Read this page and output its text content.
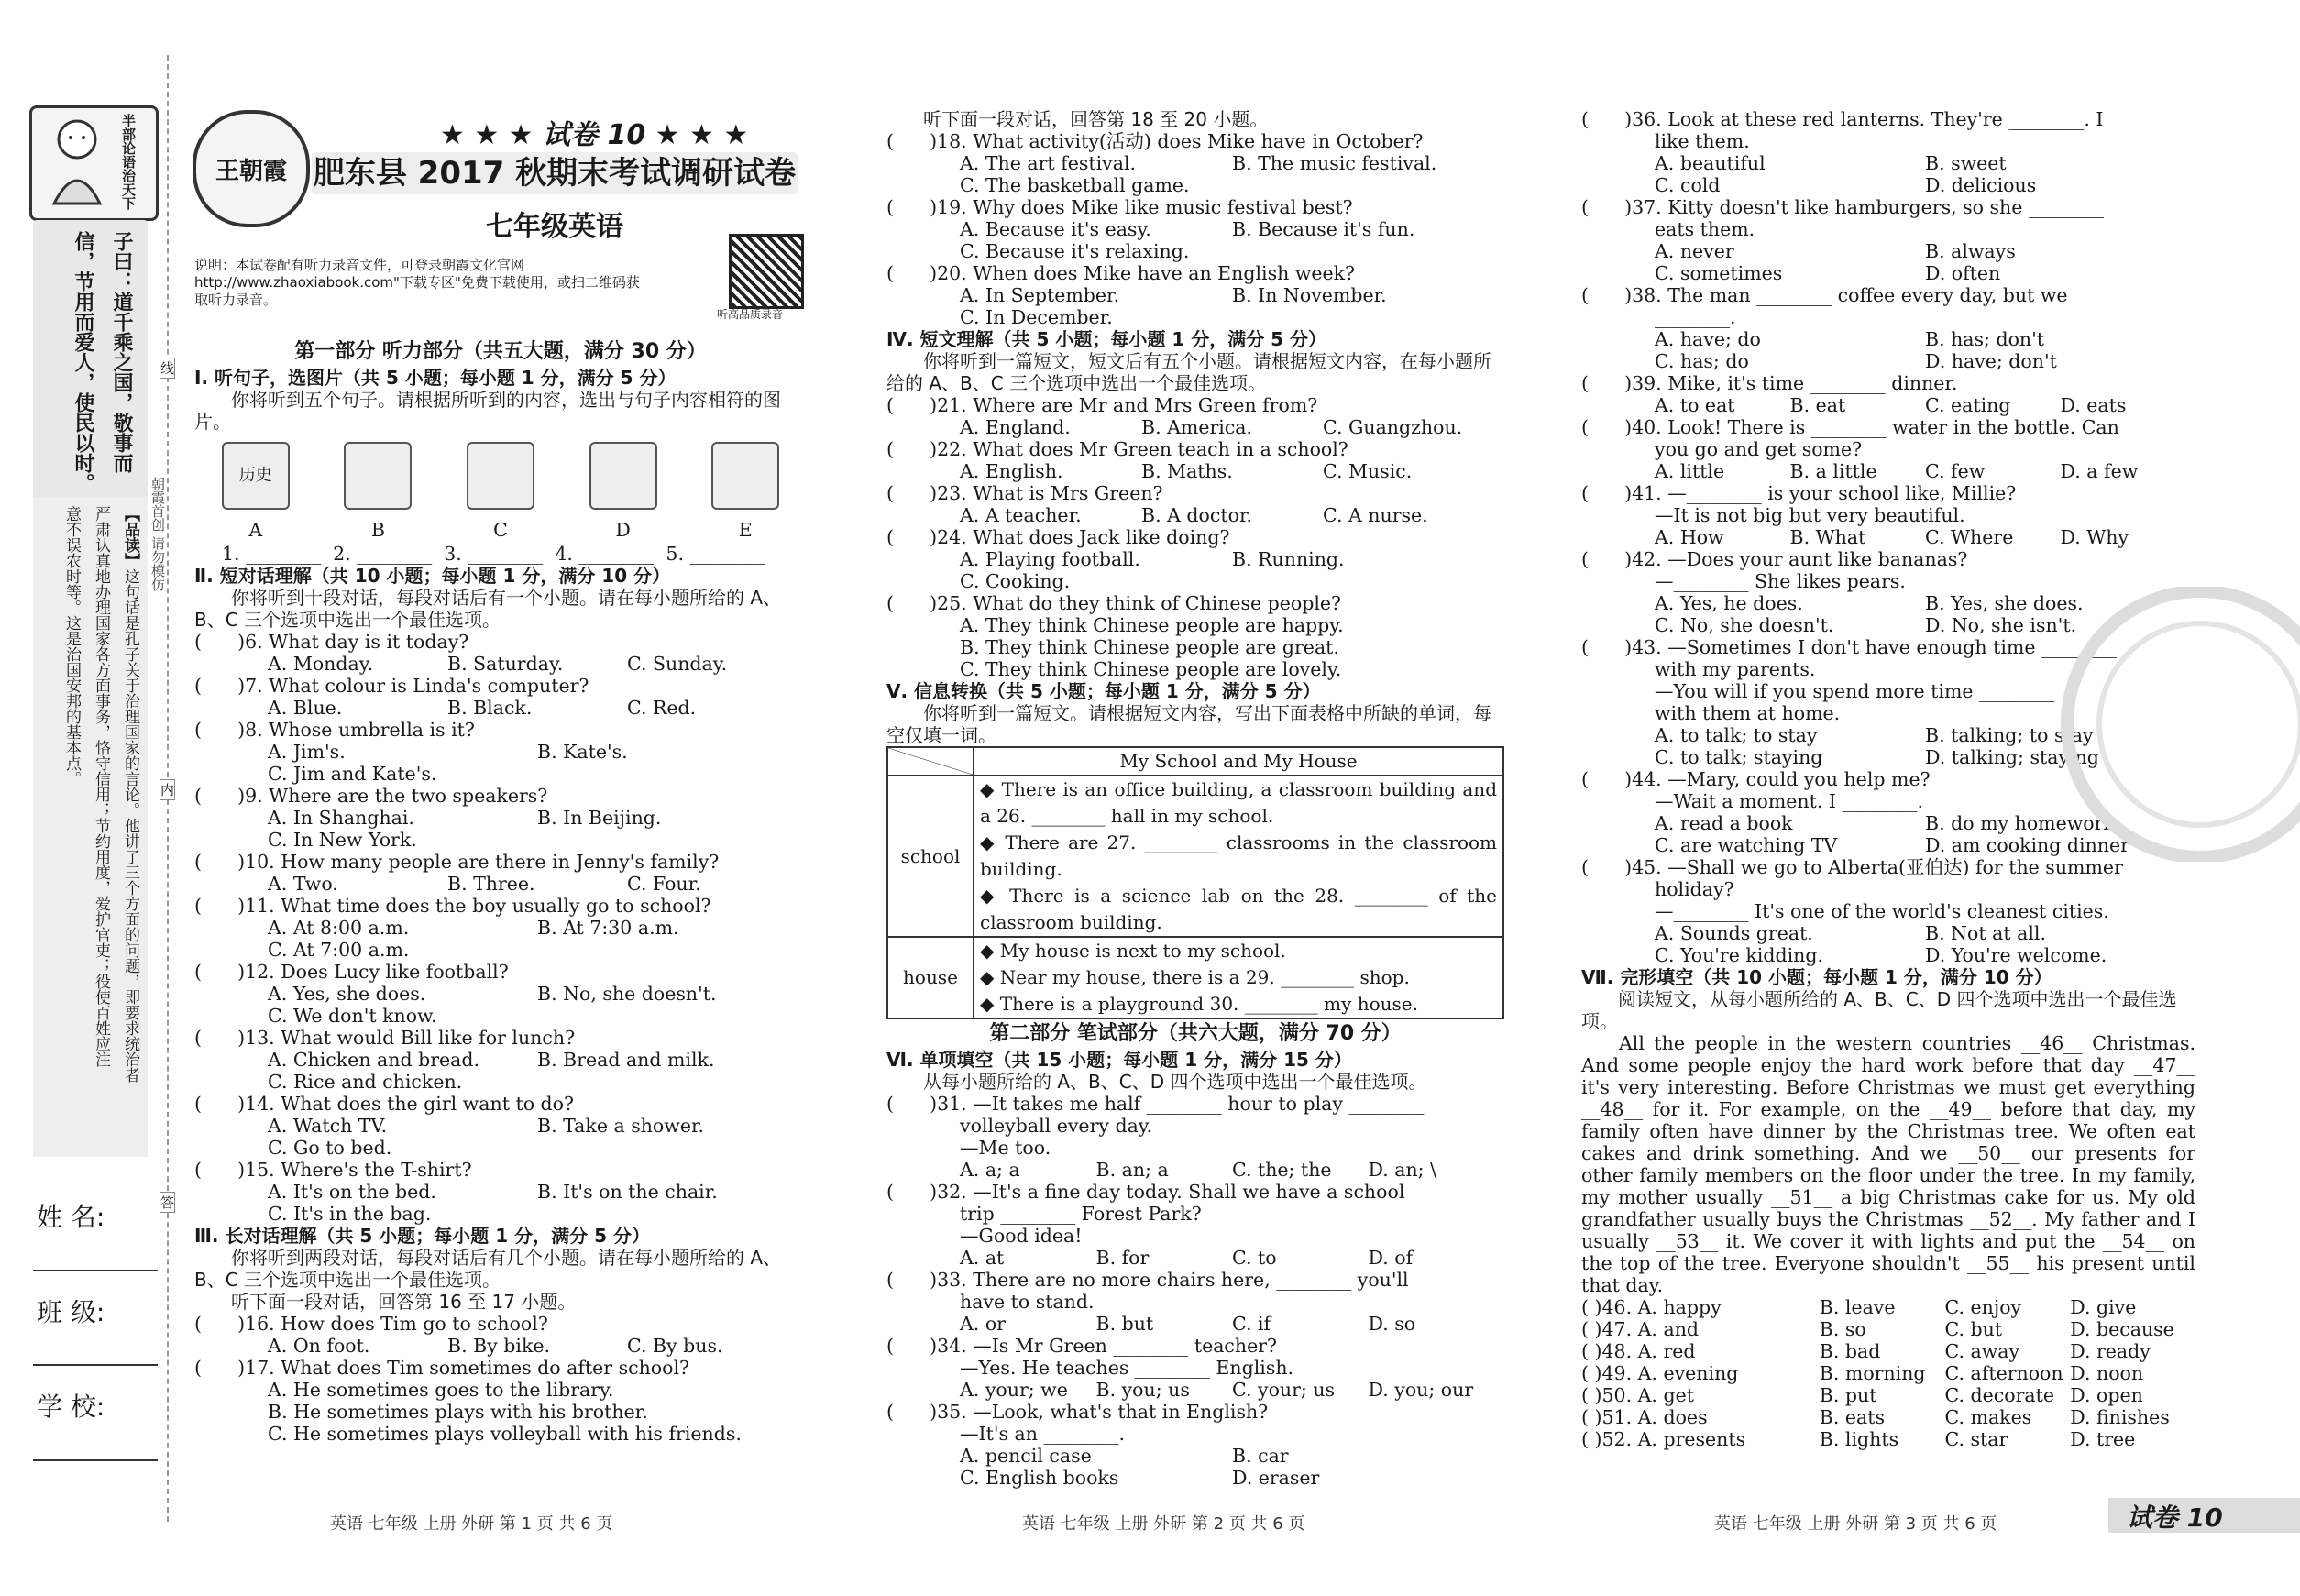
半部论语治天下
子曰：道千乘之国，敬事而
信，节用而爱人，使民以时。
朝霞首创 请勿模仿
【品读】这句话是孔子关于治理国家的言论。他讲了三个方面的问题，即要求统治者
严肃认真地办理国家各方面事务，恪守信用；节约用度，爱护官吏；役使百姓应注
意不误农时等。这是治国安邦的基本点。
姓 名:
班 级:
学 校:
线
内
答
王朝霞
★ ★ ★ 试卷 10 ★ ★ ★
肥东县 2017 秋期末考试调研试卷
七年级英语
说明：本试卷配有听力录音文件，可登录朝霞文化官网 http://www.zhaoxiabook.com"下载专区"免费下载使用，或扫二维码获取听力录音。
听高品质录音
第一部分 听力部分（共五大题，满分 30 分）
Ⅰ. 听句子，选图片（共 5 小题；每小题 1 分，满分 5 分）
你将听到五个句子。请根据所听到的内容，选出与句子内容相符的图片。
历史
A	B	C	D	E
1. ________  2. ________  3. ________  4. ________  5. ________
Ⅱ. 短对话理解（共 10 小题；每小题 1 分，满分 10 分）
你将听到十段对话，每段对话后有一个小题。请在每小题所给的 A、B、C 三个选项中选出一个最佳选项。
(      )6. What day is it today?
A. Monday.	B. Saturday.	C. Sunday.
(      )7. What colour is Linda's computer?
A. Blue.	B. Black.	C. Red.
(      )8. Whose umbrella is it?
A. Jim's.	B. Kate's.
C. Jim and Kate's.
(      )9. Where are the two speakers?
A. In Shanghai.	B. In Beijing.
C. In New York.
(      )10. How many people are there in Jenny's family?
A. Two.	B. Three.	C. Four.
(      )11. What time does the boy usually go to school?
A. At 8:00 a.m.	B. At 7:30 a.m.
C. At 7:00 a.m.
(      )12. Does Lucy like football?
A. Yes, she does.	B. No, she doesn't.
C. We don't know.
(      )13. What would Bill like for lunch?
A. Chicken and bread.	B. Bread and milk.
C. Rice and chicken.
(      )14. What does the girl want to do?
A. Watch TV.	B. Take a shower.
C. Go to bed.
(      )15. Where's the T-shirt?
A. It's on the bed.	B. It's on the chair.
C. It's in the bag.
Ⅲ. 长对话理解（共 5 小题；每小题 1 分，满分 5 分）
你将听到两段对话，每段对话后有几个小题。请在每小题所给的 A、B、C 三个选项中选出一个最佳选项。
听下面一段对话，回答第 16 至 17 小题。
(      )16. How does Tim go to school?
A. On foot.	B. By bike.	C. By bus.
(      )17. What does Tim sometimes do after school?
A. He sometimes goes to the library.
B. He sometimes plays with his brother.
C. He sometimes plays volleyball with his friends.
英语 七年级 上册 外研 第 1 页 共 6 页
听下面一段对话，回答第 18 至 20 小题。
(      )18. What activity(活动) does Mike have in October?
A. The art festival.	B. The music festival.
C. The basketball game.
(      )19. Why does Mike like music festival best?
A. Because it's easy.	B. Because it's fun.
C. Because it's relaxing.
(      )20. When does Mike have an English week?
A. In September.	B. In November.
C. In December.
Ⅳ. 短文理解（共 5 小题；每小题 1 分，满分 5 分）
你将听到一篇短文，短文后有五个小题。请根据短文内容，在每小题所给的 A、B、C 三个选项中选出一个最佳选项。
(      )21. Where are Mr and Mrs Green from?
A. England.	B. America.	C. Guangzhou.
(      )22. What does Mr Green teach in a school?
A. English.	B. Maths.	C. Music.
(      )23. What is Mrs Green?
A. A teacher.	B. A doctor.	C. A nurse.
(      )24. What does Jack like doing?
A. Playing football.	B. Running.
C. Cooking.
(      )25. What do they think of Chinese people?
A. They think Chinese people are happy.
B. They think Chinese people are great.
C. They think Chinese people are lovely.
Ⅴ. 信息转换（共 5 小题；每小题 1 分，满分 5 分）
你将听到一篇短文。请根据短文内容，写出下面表格中所缺的单词，每空仅填一词。
	My School and My House
school	◆ There is an office building, a classroom building and a 26. ________ hall in my school.
◆ There are 27. ________ classrooms in the classroom building.
◆ There is a science lab on the 28. ________ of the classroom building.

house	◆ My house is next to my school.
◆ Near my house, there is a 29. ________ shop.
◆ There is a playground 30. ________ my house.
第二部分 笔试部分（共六大题，满分 70 分）
Ⅵ. 单项填空（共 15 小题；每小题 1 分，满分 15 分）
从每小题所给的 A、B、C、D 四个选项中选出一个最佳选项。
(      )31. —It takes me half ________ hour to play ________
volleyball every day.
—Me too.
A. a; a	B. an; a	C. the; the	D. an; \
(      )32. —It's a fine day today. Shall we have a school
trip ________ Forest Park?
—Good idea!
A. at	B. for	C. to	D. of
(      )33. There are no more chairs here, ________ you'll
have to stand.
A. or	B. but	C. if	D. so
(      )34. —Is Mr Green ________ teacher?
—Yes. He teaches ________ English.
A. your; we	B. you; us	C. your; us	D. you; our
(      )35. —Look, what's that in English?
—It's an ________.
A. pencil case	B. car
C. English books	D. eraser
英语 七年级 上册 外研 第 2 页 共 6 页
(      )36. Look at these red lanterns. They're ________. I
like them.
A. beautiful	B. sweet
C. cold	D. delicious
(      )37. Kitty doesn't like hamburgers, so she ________
eats them.
A. never	B. always
C. sometimes	D. often
(      )38. The man ________ coffee every day, but we
________.
A. have; do	B. has; don't
C. has; do	D. have; don't
(      )39. Mike, it's time ________ dinner.
A. to eat	B. eat	C. eating	D. eats
(      )40. Look! There is ________ water in the bottle. Can
you go and get some?
A. little	B. a little	C. few	D. a few
(      )41. —________ is your school like, Millie?
—It is not big but very beautiful.
A. How	B. What	C. Where	D. Why
(      )42. —Does your aunt like bananas?
—________ She likes pears.
A. Yes, he does.	B. Yes, she does.
C. No, she doesn't.	D. No, she isn't.
(      )43. —Sometimes I don't have enough time ________
with my parents.
—You will if you spend more time ________
with them at home.
A. to talk; to stay	B. talking; to stay
C. to talk; staying	D. talking; staying
(      )44. —Mary, could you help me?
—Wait a moment. I ________.
A. read a book	B. do my homework
C. are watching TV	D. am cooking dinner
(      )45. —Shall we go to Alberta(亚伯达) for the summer
holiday?
—________ It's one of the world's cleanest cities.
A. Sounds great.	B. Not at all.
C. You're kidding.	D. You're welcome.
Ⅶ. 完形填空（共 10 小题；每小题 1 分，满分 10 分）
阅读短文，从每小题所给的 A、B、C、D 四个选项中选出一个最佳选项。
All the people in the western countries __46__ Christmas. And some people enjoy the hard work before that day __47__ it's very interesting. Before Christmas we must get everything __48__ for it. For example, on the __49__ before that day, my family often have dinner by the Christmas tree. We often eat cakes and drink something. And we __50__ our presents for other family members on the floor under the tree. In my family, my mother usually __51__ a big Christmas cake for us. My old grandfather usually buys the Christmas __52__. My father and I usually __53__ it. We cover it with lights and put the __54__ on the top of the tree. Everyone shouldn't __55__ his present until that day.
( )46. A. happy	B. leave	C. enjoy	D. give
( )47. A. and	B. so	C. but	D. because
( )48. A. red	B. bad	C. away	D. ready
( )49. A. evening	B. morning	C. afternoon D. noon
( )50. A. get	B. put	C. decorate D. open
( )51. A. does	B. eats	C. makes	D. finishes
( )52. A. presents	B. lights	C. star	D. tree
英语 七年级 上册 外研 第 3 页 共 6 页	试卷 10
